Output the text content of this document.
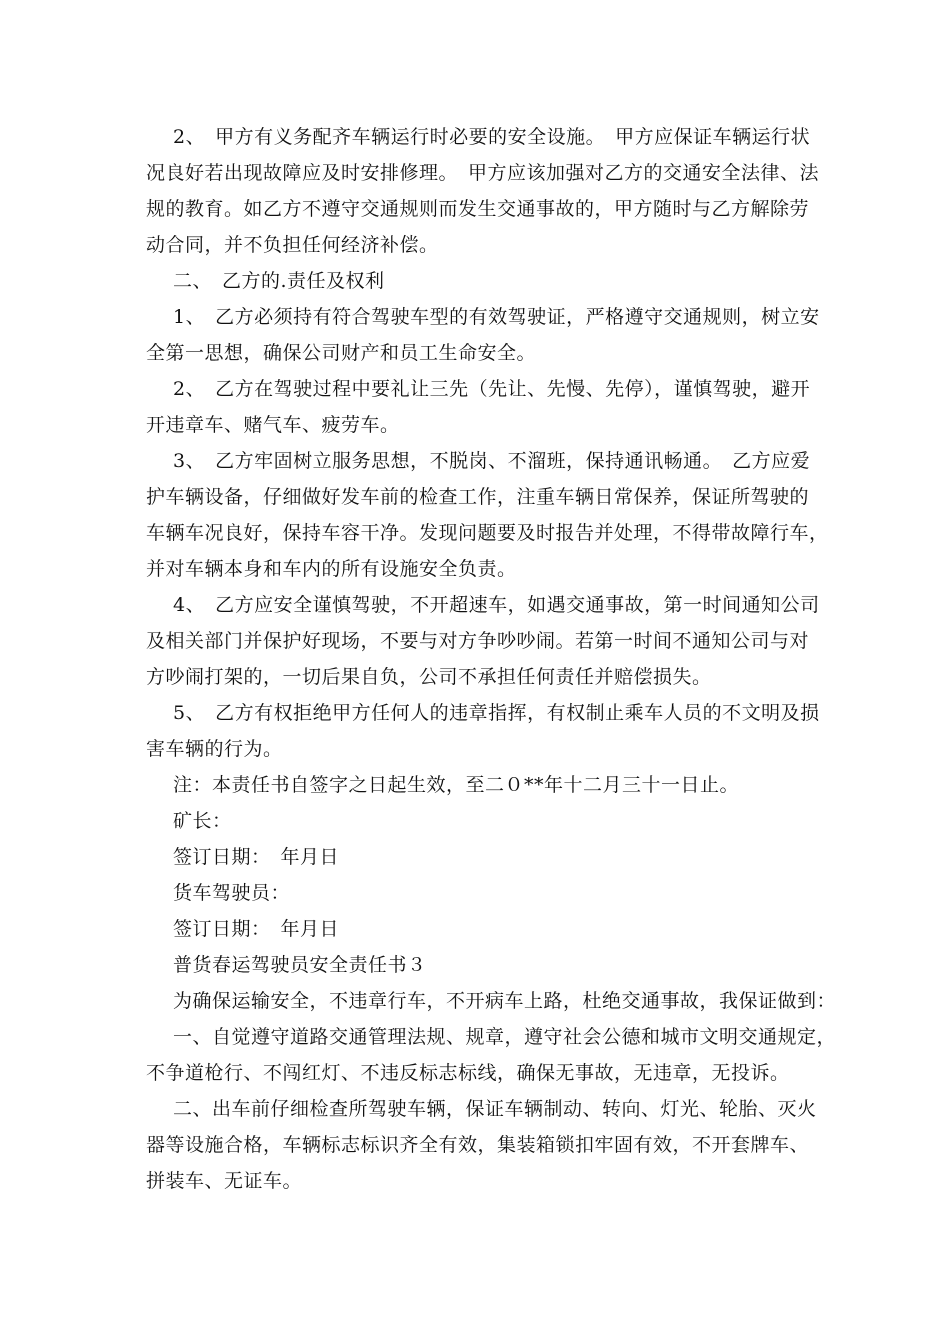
2、　甲方有义务配齐车辆运行时必要的安全设施。　甲方应保证车辆运行状
况良好若出现故障应及时安排修理。　甲方应该加强对乙方的交通安全法律、法
规的教育。如乙方不遵守交通规则而发生交通事故的，甲方随时与乙方解除劳
动合同，并不负担任何经济补偿。
二、　乙方的.责任及权利
1、　乙方必须持有符合驾驶车型的有效驾驶证，严格遵守交通规则，树立安
全第一思想，确保公司财产和员工生命安全。
2、　乙方在驾驶过程中要礼让三先（先让、先慢、先停），谨慎驾驶，避开
开违章车、赌气车、疲劳车。
3、　乙方牢固树立服务思想，不脱岗、不溜班，保持通讯畅通。　乙方应爱
护车辆设备，仔细做好发车前的检查工作，注重车辆日常保养，保证所驾驶的
车辆车况良好，保持车容干净。发现问题要及时报告并处理，不得带故障行车，
并对车辆本身和车内的所有设施安全负责。
4、　乙方应安全谨慎驾驶，不开超速车，如遇交通事故，第一时间通知公司
及相关部门并保护好现场，不要与对方争吵吵闹。若第一时间不通知公司与对
方吵闹打架的，一切后果自负，公司不承担任何责任并赔偿损失。
5、　乙方有权拒绝甲方任何人的违章指挥，有权制止乘车人员的不文明及损
害车辆的行为。
注：本责任书自签字之日起生效，至二０**年十二月三十一日止。
矿长：
签订日期：　年月日
货车驾驶员：
签订日期：　年月日
普货春运驾驶员安全责任书３
为确保运输安全，不违章行车，不开病车上路，杜绝交通事故，我保证做到：
一、自觉遵守道路交通管理法规、规章，遵守社会公德和城市文明交通规定，
不争道枪行、不闯红灯、不违反标志标线，确保无事故，无违章，无投诉。
二、出车前仔细检查所驾驶车辆，保证车辆制动、转向、灯光、轮胎、灭火
器等设施合格，车辆标志标识齐全有效，集装箱锁扣牢固有效，不开套牌车、
拼装车、无证车。
